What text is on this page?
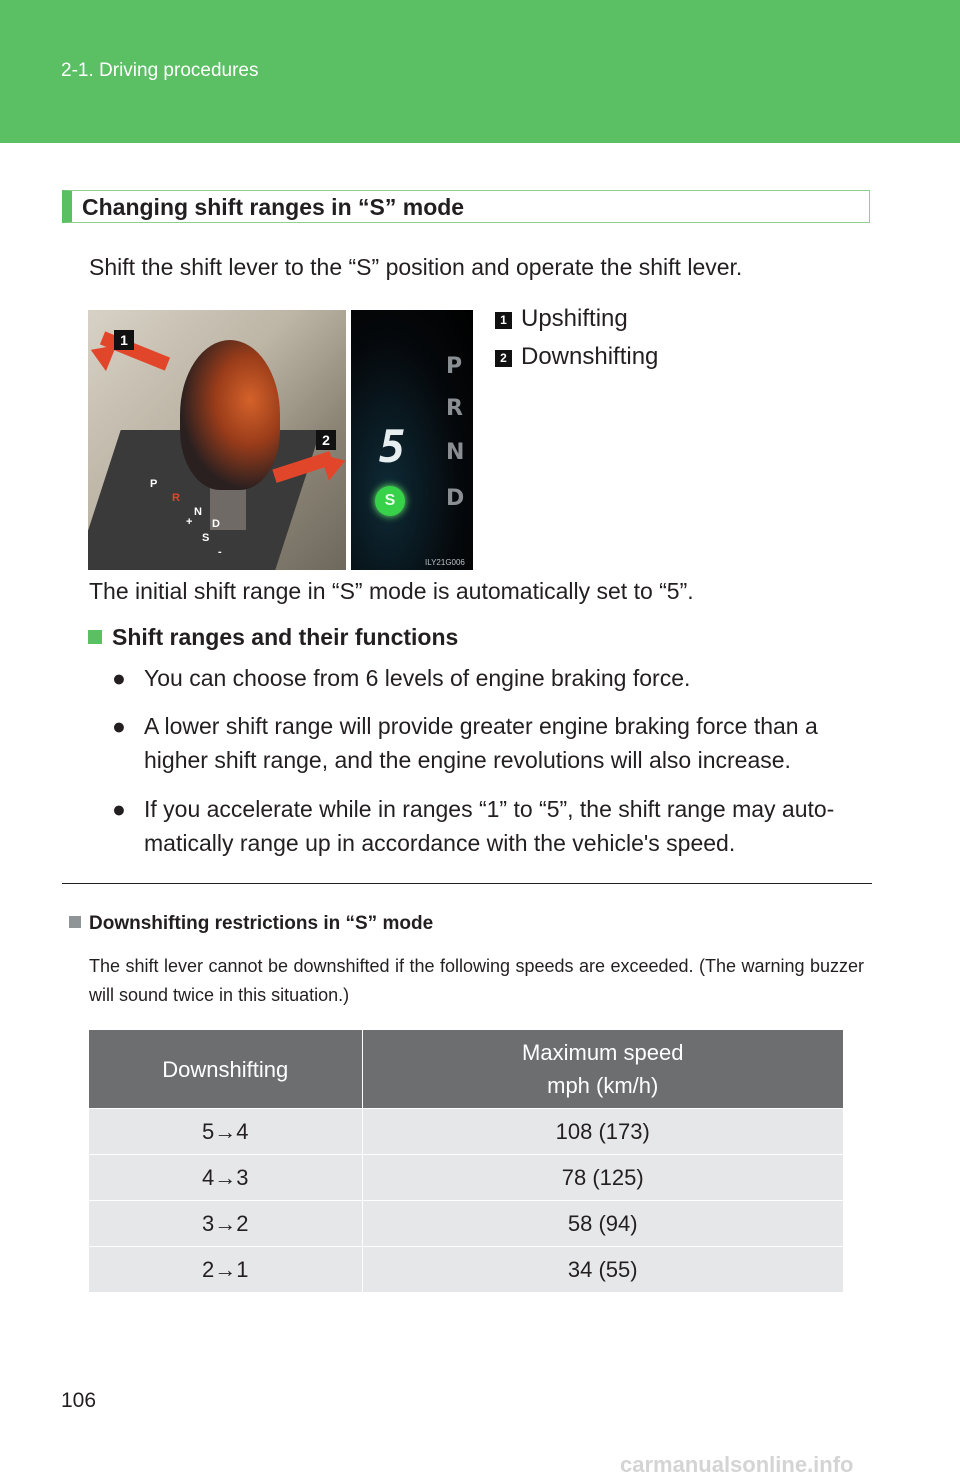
2-1. Driving procedures
Changing shift ranges in “S” mode
Shift the shift lever to the “S” position and operate the shift lever.
P
R
N
D
+
S
-
1
2
P
R
N
D
5
S
ILY21G006
1 Upshifting
2 Downshifting
The initial shift range in “S” mode is automatically set to “5”.
Shift ranges and their functions
● You can choose from 6 levels of engine braking force.
● A lower shift range will provide greater engine braking force than a higher shift range, and the engine revolutions will also increase.
● If you accelerate while in ranges “1” to “5”, the shift range may auto-matically range up in accordance with the vehicle's speed.
Downshifting restrictions in “S” mode
The shift lever cannot be downshifted if the following speeds are exceeded. (The warning buzzer will sound twice in this situation.)
Downshifting	Maximum speed
mph (km/h)

5→4	108 (173)
4→3	78 (125)
3→2	58 (94)
2→1	34 (55)
106
carmanualsonline.info
